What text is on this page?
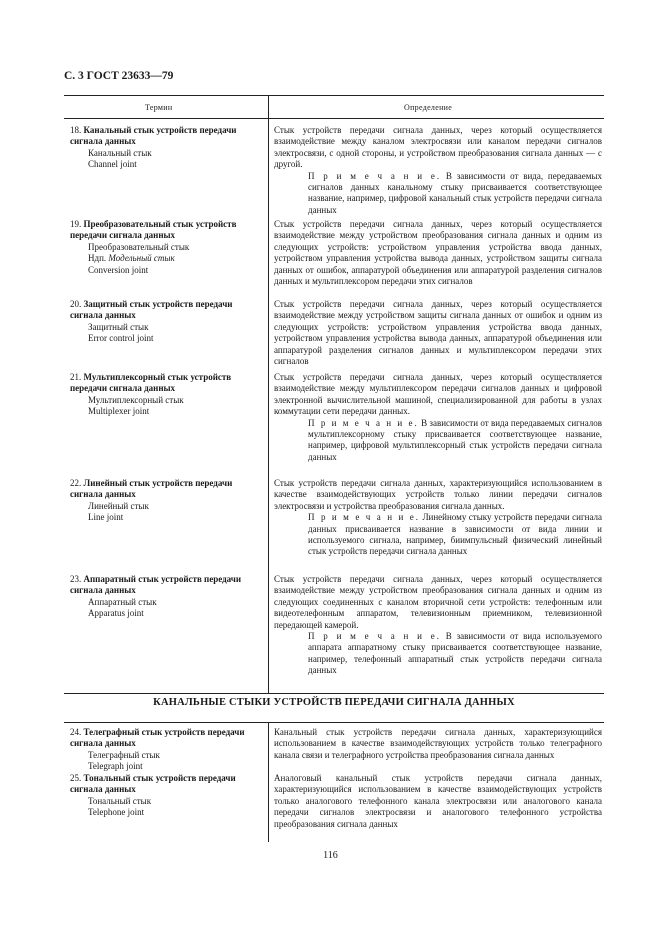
С. 3 ГОСТ 23633—79
Термин	Определение
18. Канальный стык устройств передачи сигнала данных

Канальный стык
Channel joint
Стык устройств передачи сигнала данных, через который осуществляется взаимодействие между каналом электросвязи или каналом передачи сигналов электросвязи, с одной стороны, и устройством преобразования сигнала данных — с другой.
П р и м е ч а н и е. В зависимости от вида, передаваемых сигналов данных канальному стыку присваивается соответствующее название, например, цифровой канальный стык устройств передачи сигнала данных
19. Преобразовательный стык устройств передачи сигнала данных

Преобразовательный стык
Ндп. Модельный стык
Conversion joint
Стык устройств передачи сигнала данных, через который осуществляется взаимодействие между устройством преобразования сигнала данных и одним из следующих устройств: устройством управления устройства ввода данных, устройством управления устройства вывода данных, устройством защиты сигнала данных от ошибок, аппаратурой объединения или аппаратурой разделения сигналов данных и мультиплексором передачи этих сигналов
20. Защитный стык устройств передачи сигнала данных

Защитный стык
Error control joint
Стык устройств передачи сигнала данных, через который осуществляется взаимодействие между устройством защиты сигнала данных от ошибок и одним из следующих устройств: устройством управления устройства ввода данных, устройством управления устройства вывода данных, аппаратурой объединения или аппаратурой разделения сигналов данных и мультиплексором передачи этих сигналов
21. Мультиплексорный стык устройств передачи сигнала данных

Мультиплексорный стык
Multiplexer joint
Стык устройств передачи сигнала данных, через который осуществляется взаимодействие между мультиплексором передачи сигналов данных и цифровой электронной вычислительной машиной, специализированной для работы в узлах коммутации сети передачи данных.
П р и м е ч а н и е. В зависимости от вида передаваемых сигналов мультиплексорному стыку присваивается соответствующее название, например, цифровой мультиплексорный стык устройств передачи сигнала данных
22. Линейный стык устройств передачи сигнала данных

Линейный стык
Line joint
Стык устройств передачи сигнала данных, характеризующийся использованием в качестве взаимодействующих устройств только линии передачи сигналов электросвязи и устройства преобразования сигнала данных.
П р и м е ч а н и е. Линейному стыку устройств передачи сигнала данных присваивается название в зависимости от вида линии и используемого сигнала, например, биимпульсный физический линейный стык устройств передачи сигнала данных
23. Аппаратный стык устройств передачи сигнала данных

Аппаратный стык
Apparatus joint
Стык устройств передачи сигнала данных, через который осуществляется взаимодействие между устройством преобразования сигнала данных и одним из следующих соединенных с каналом вторичной сети устройств: телефонным или видеотелефонным аппаратом, телевизионным приемником, телевизионной передающей камерой.
П р и м е ч а н и е. В зависимости от вида используемого аппарата аппаратному стыку присваивается соответствующее название, например, телефонный аппаратный стык устройств передачи сигнала данных
КАНАЛЬНЫЕ СТЫКИ УСТРОЙСТВ ПЕРЕДАЧИ СИГНАЛА ДАННЫХ
24. Телеграфный стык устройств передачи сигнала данных

Телеграфный стык
Telegraph joint
Канальный стык устройств передачи сигнала данных, характеризующийся использованием в качестве взаимодействующих устройств только телеграфного канала связи и телеграфного устройства преобразования сигнала данных
25. Тональный стык устройств передачи сигнала данных

Тональный стык
Telephone joint
Аналоговый канальный стык устройств передачи сигнала данных, характеризующийся использованием в качестве взаимодействующих устройств только аналогового телефонного канала электросвязи или аналогового канала передачи сигналов электросвязи и аналогового телефонного устройства преобразования сигнала данных
116
